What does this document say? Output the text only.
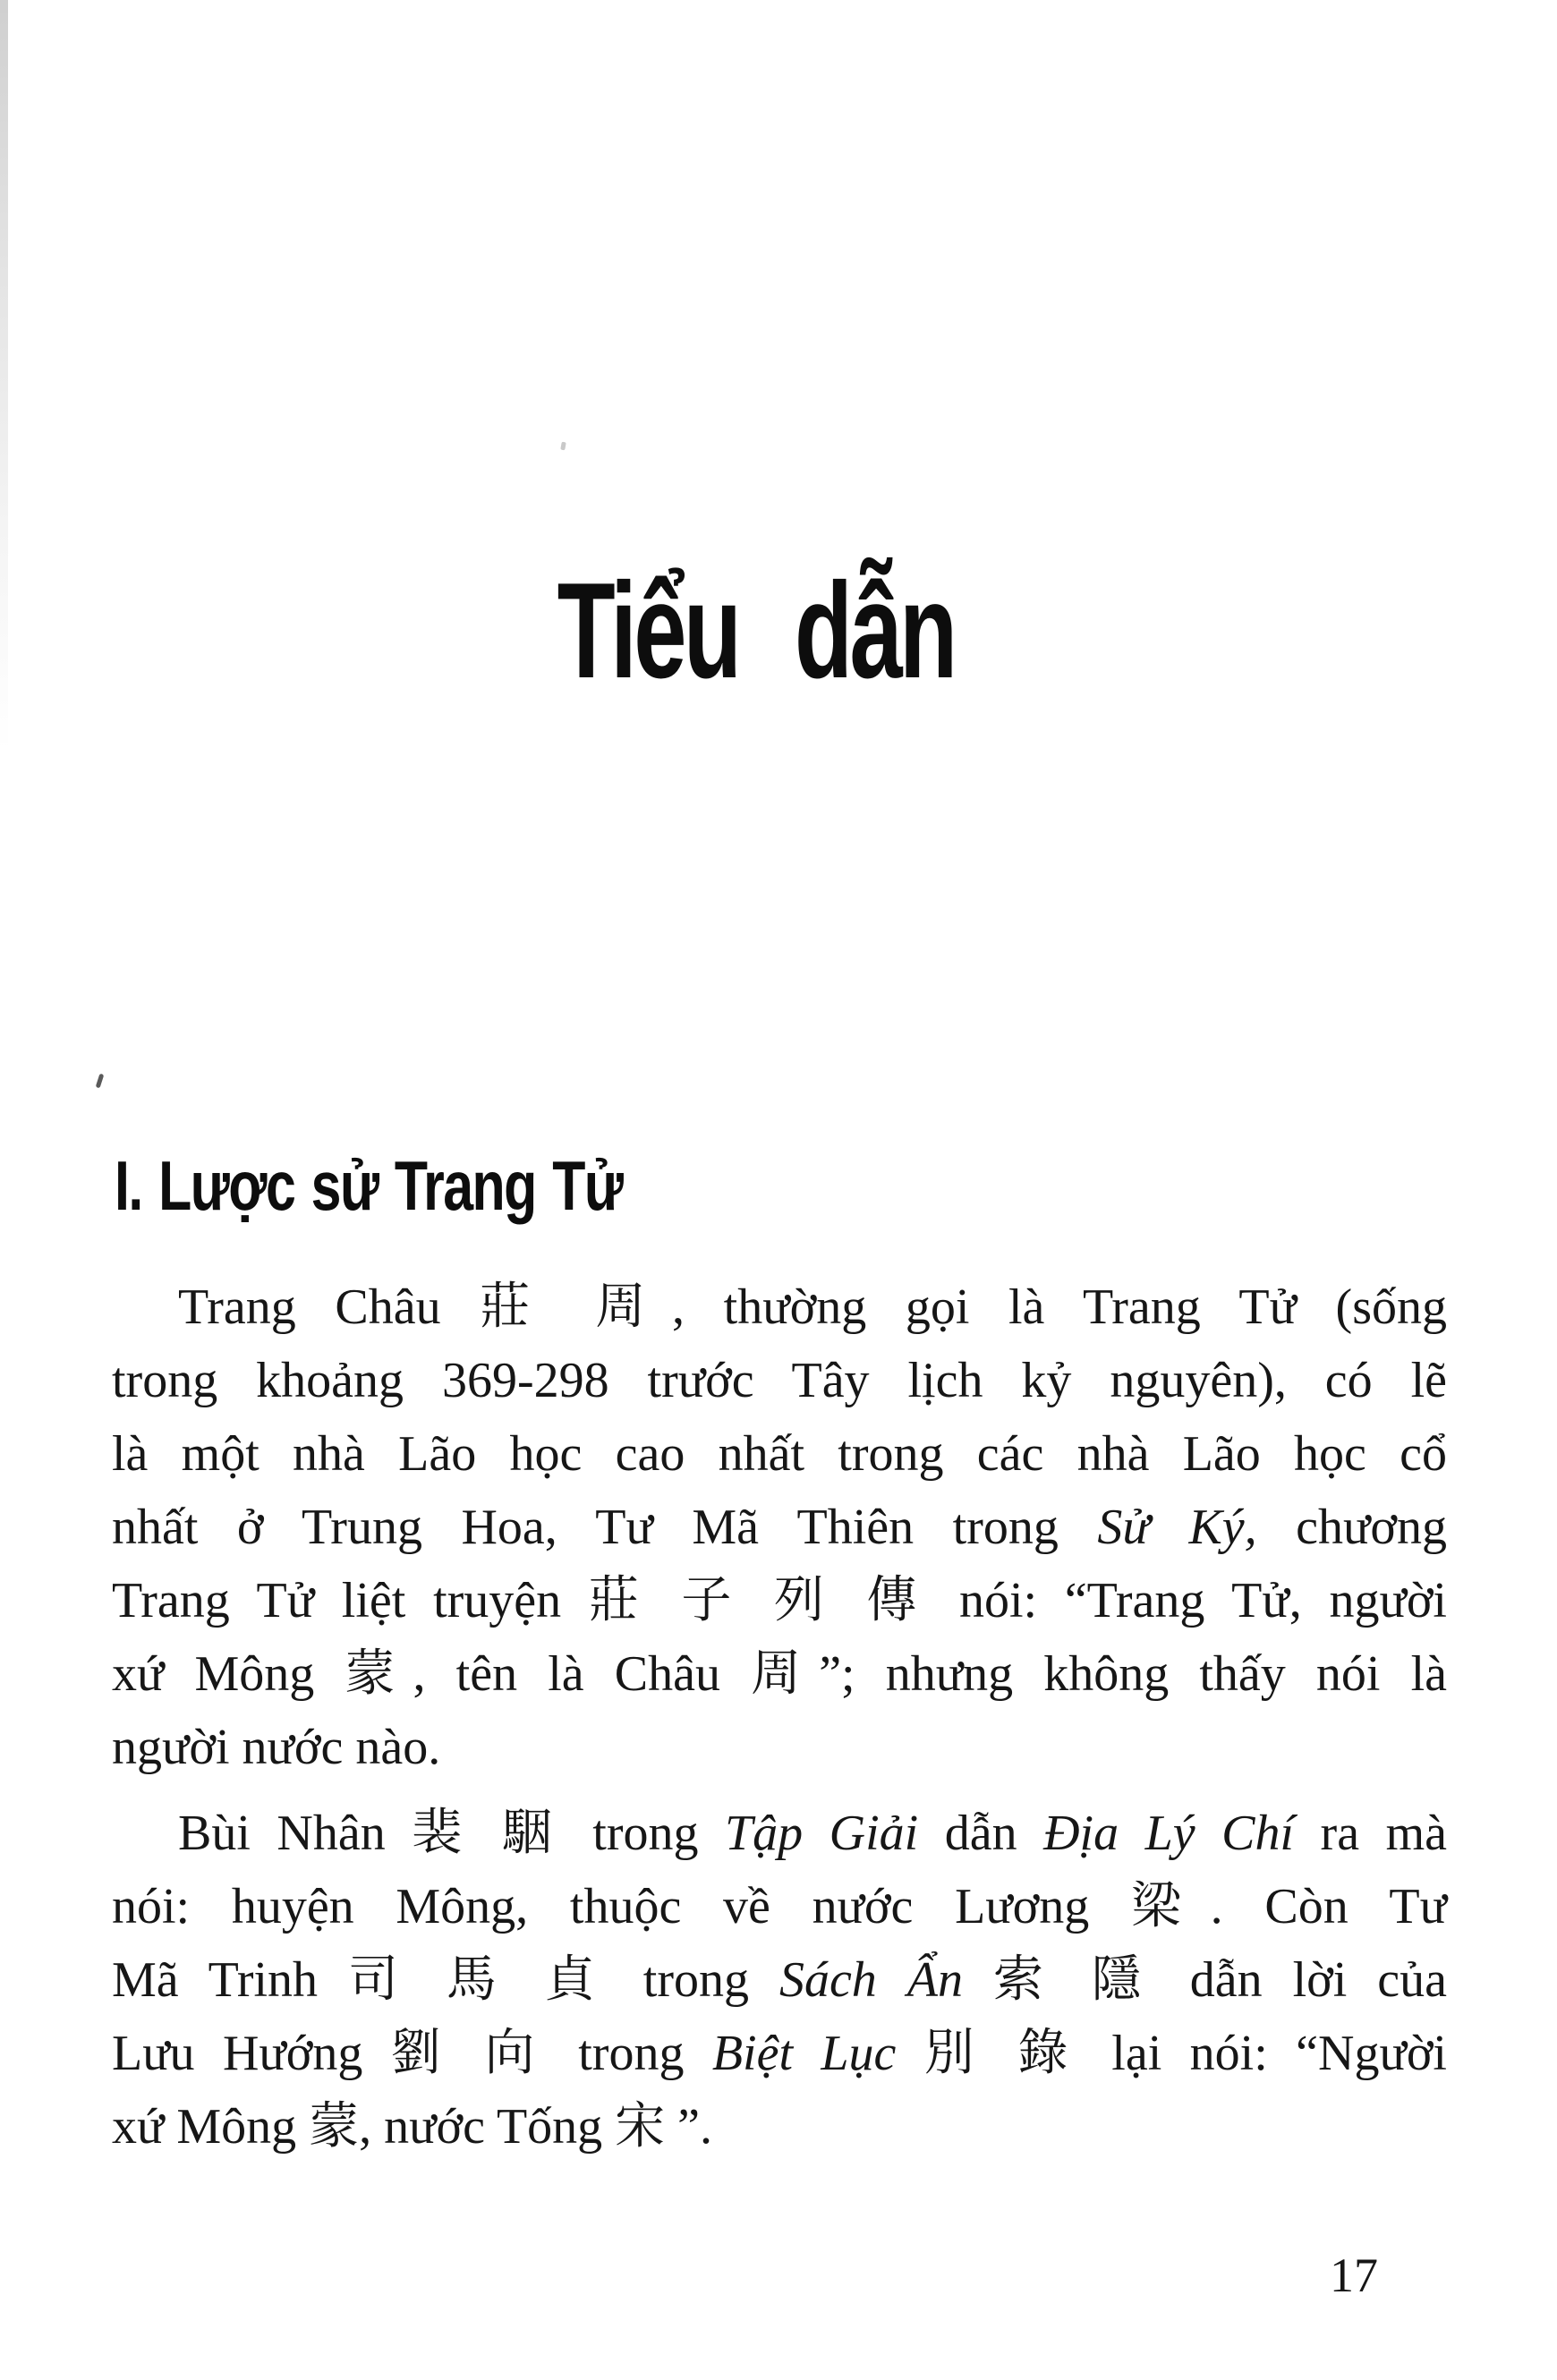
Tiểu dẫn
I. Lược sử Trang Tử
Trang Châu 莊 周, thường gọi là Trang Tử (sống
trong khoảng 369-298 trước Tây lịch kỷ nguyên), có lẽ
là một nhà Lão học cao nhất trong các nhà Lão học cổ
nhất ở Trung Hoa, Tư Mã Thiên trong Sử Ký, chương
Trang Tử liệt truyện 莊 子 列 傳 nói: “Trang Tử, người
xứ Mông 蒙, tên là Châu 周”; nhưng không thấy nói là
người nước nào.
Bùi Nhân 裴 駰 trong Tập Giải dẫn Địa Lý Chí ra mà
nói: huyện Mông, thuộc về nước Lương 梁. Còn Tư
Mã Trinh 司 馬 貞 trong Sách Ẩn 索 隱 dẫn lời của
Lưu Hướng 劉 向 trong Biệt Lục 別 錄 lại nói: “Người
xứ Mông 蒙, nước Tống 宋 ”.
17
